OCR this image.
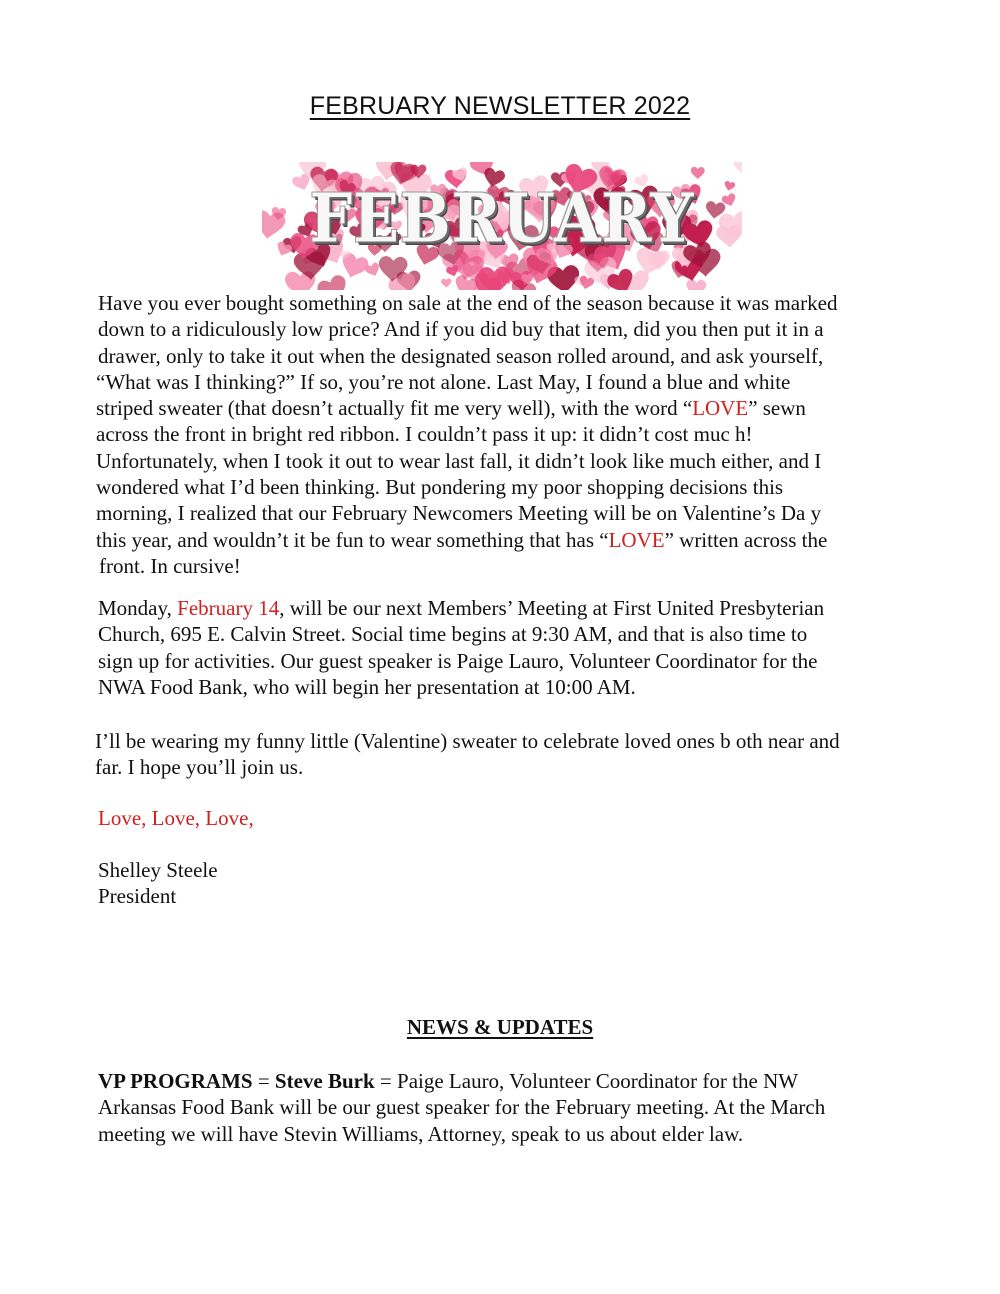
FEBRUARY NEWSLETTER 2022
FEBRUARY
Have you ever bought something on sale at the end of the season because it was marked
down to a ridiculously low price? And if you did buy that item, did you then put it in a
drawer, only to take it out when the designated season rolled around, and ask yourself,
“What was I thinking?” If so, you’re not alone. Last May, I found a blue and white
striped sweater (that doesn’t actually fit me very well), with the word “LOVE” sewn
across the front in bright red ribbon. I couldn’t pass it up: it didn’t cost muc h!
Unfortunately, when I took it out to wear last fall, it didn’t look like much either, and I
wondered what I’d been thinking. But pondering my poor shopping decisions this
morning, I realized that our February Newcomers Meeting will be on Valentine’s Da y
this year, and wouldn’t it be fun to wear something that has “LOVE” written across the
front. In cursive!
Monday, February 14, will be our next Members’ Meeting at First United Presbyterian
Church, 695 E. Calvin Street. Social time begins at 9:30 AM, and that is also time to
sign up for activities. Our guest speaker is Paige Lauro, Volunteer Coordinator for the
NWA Food Bank, who will begin her presentation at 10:00 AM.
I’ll be wearing my funny little (Valentine) sweater to celebrate loved ones b oth near and
far. I hope you’ll join us.
Love, Love, Love,
Shelley Steele
President
NEWS & UPDATES
VP PROGRAMS = Steve Burk = Paige Lauro, Volunteer Coordinator for the NW
Arkansas Food Bank will be our guest speaker for the February meeting. At the March
meeting we will have Stevin Williams, Attorney, speak to us about elder law.
